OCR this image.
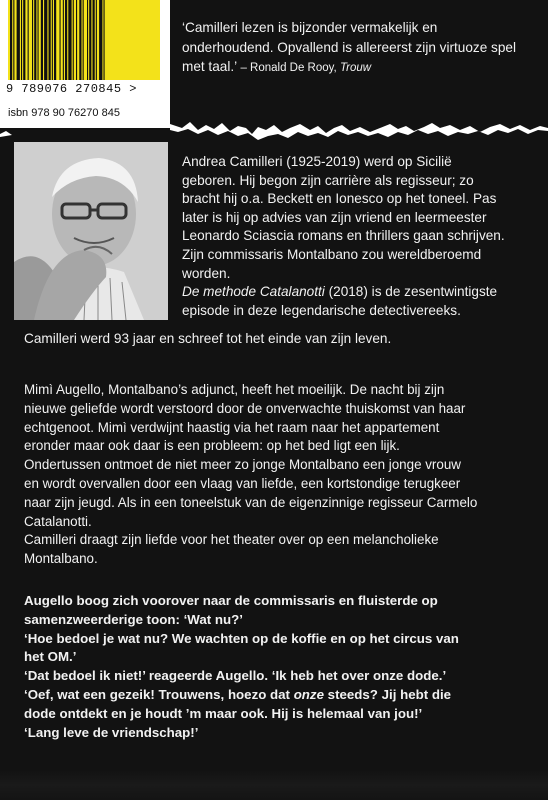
9 789076 270845 >
isbn 978 90 76270 845
‘Camilleri lezen is bijzonder vermakelijk en onderhoudend. Opvallend is allereerst zijn virtuoze spel met taal.’ – Ronald De Rooy, Trouw
Andrea Camilleri (1925-2019) werd op Sicilië
geboren. Hij begon zijn carrière als regisseur; zo
bracht hij o.a. Beckett en Ionesco op het toneel. Pas
later is hij op advies van zijn vriend en leermeester
Leonardo Sciascia romans en thrillers gaan schrijven.
Zijn commissaris Montalbano zou wereldberoemd
worden.
De methode Catalanotti (2018) is de zesentwintigste
episode in deze legendarische detectivereeks.
Camilleri werd 93 jaar en schreef tot het einde van zijn leven.

Mimì Augello, Montalbano’s adjunct, heeft het moeilijk. De nacht bij zijn

nieuwe geliefde wordt verstoord door de onverwachte thuiskomst van haar

echtgenoot. Mimì verdwijnt haastig via het raam naar het appartement

eronder maar ook daar is een probleem: op het bed ligt een lijk.

Ondertussen ontmoet de niet meer zo jonge Montalbano een jonge vrouw

en wordt overvallen door een vlaag van liefde, een kortstondige terugkeer

naar zijn jeugd. Als in een toneelstuk van de eigenzinnige regisseur Carmelo

Catalanotti.

Camilleri draagt zijn liefde voor het theater over op een melancholieke

Montalbano.

Augello boog zich voorover naar de commissaris en fluisterde op

samenzweerderige toon: ‘Wat nu?’

‘Hoe bedoel je wat nu? We wachten op de koffie en op het circus van

het OM.’

‘Dat bedoel ik niet!’ reageerde Augello. ‘Ik heb het over onze dode.’

‘Oef, wat een gezeik! Trouwens, hoezo dat onze steeds? Jij hebt die

dode ontdekt en je houdt ’m maar ook. Hij is helemaal van jou!’

‘Lang leve de vriendschap!’
